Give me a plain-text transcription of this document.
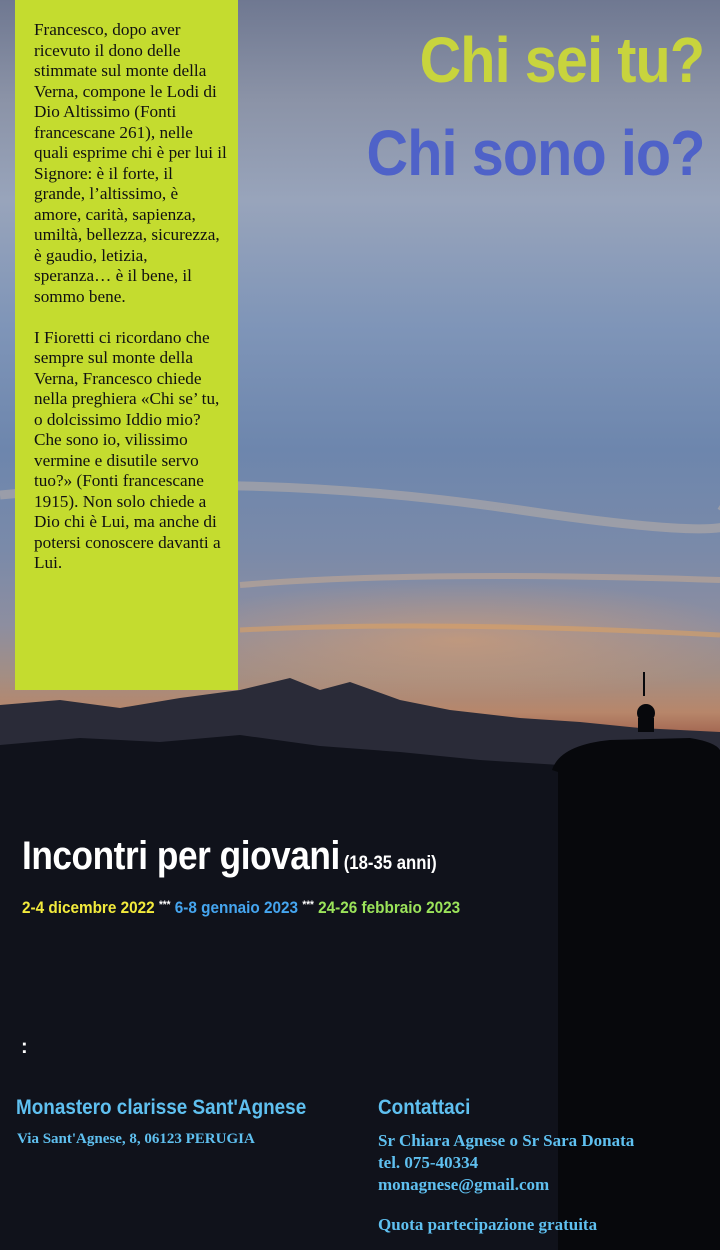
Francesco, dopo aver ricevuto il dono delle stimmate sul monte della Verna, compone le Lodi di Dio Altissimo (Fonti francescane 261), nelle quali esprime chi è per lui il Signore: è il forte, il grande, l’altissimo, è amore, carità, sapienza, umiltà, bellezza, sicurezza, è gaudio, letizia, speranza… è il bene, il sommo bene.

I Fioretti ci ricordano che sempre sul monte della Verna, Francesco chiede nella preghiera «Chi se’ tu, o dolcissimo Iddio mio? Che sono io, vilissimo vermine e disutile servo tuo?» (Fonti francescane 1915). Non solo chiede a Dio chi è Lui, ma anche di potersi conoscere davanti a Lui.

Chi sei tu?
Chi sono io?
Incontri per giovani (18-35 anni)
2-4 dicembre 2022 *** 6-8 gennaio 2023 *** 24-26 febbraio 2023
:
Monastero clarisse Sant'Agnese
Via Sant'Agnese, 8, 06123 PERUGIA
Contattaci
Sr Chiara Agnese o Sr Sara Donata
tel. 075-40334
monagnese@gmail.com
Quota partecipazione gratuita
